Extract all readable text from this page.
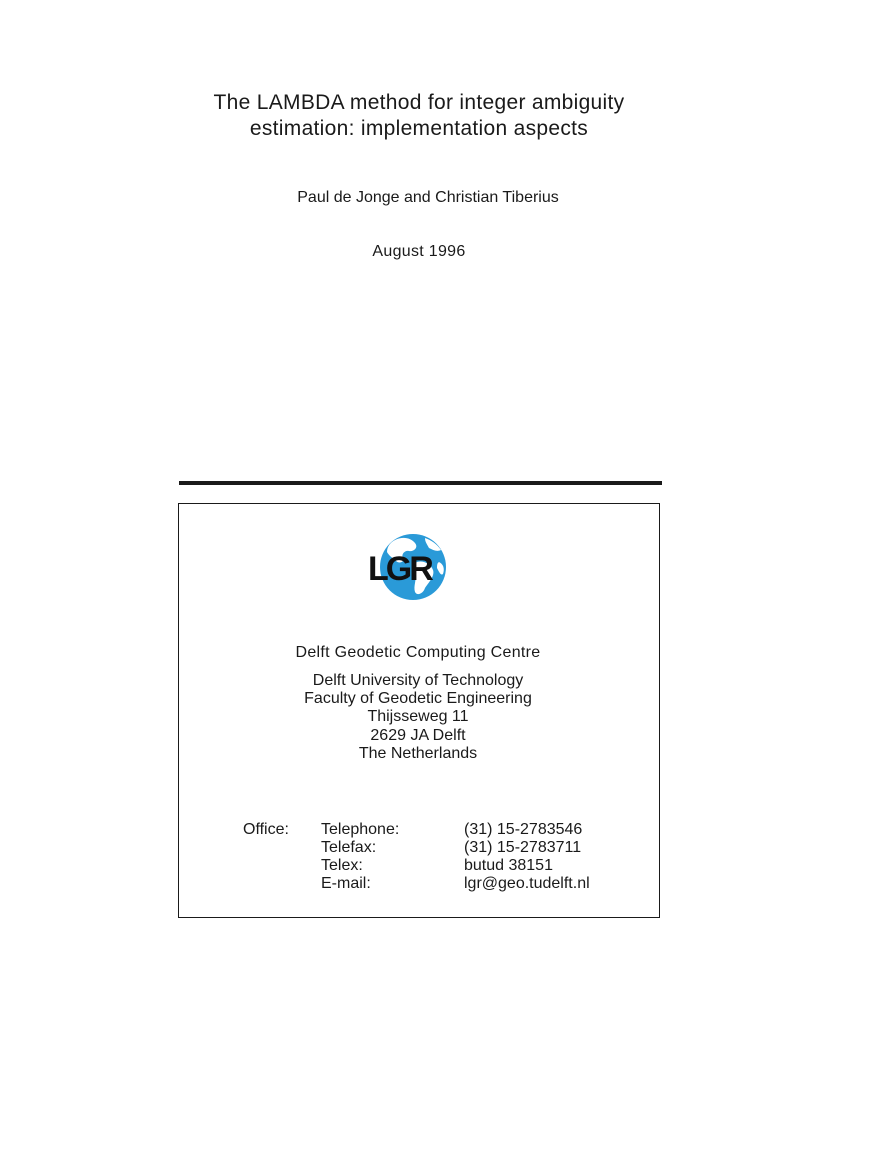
The LAMBDA method for integer ambiguity
estimation: implementation aspects
Paul de Jonge and Christian Tiberius
August 1996
LGR
Delft Geodetic Computing Centre
Delft University of Technology
Faculty of Geodetic Engineering
Thijsseweg 11
2629 JA Delft
The Netherlands
Office: Telephone:	(31) 15-2783546
Telefax:	(31) 15-2783711
Telex:	butud 38151
E-mail:	lgr@geo.tudelft.nl
